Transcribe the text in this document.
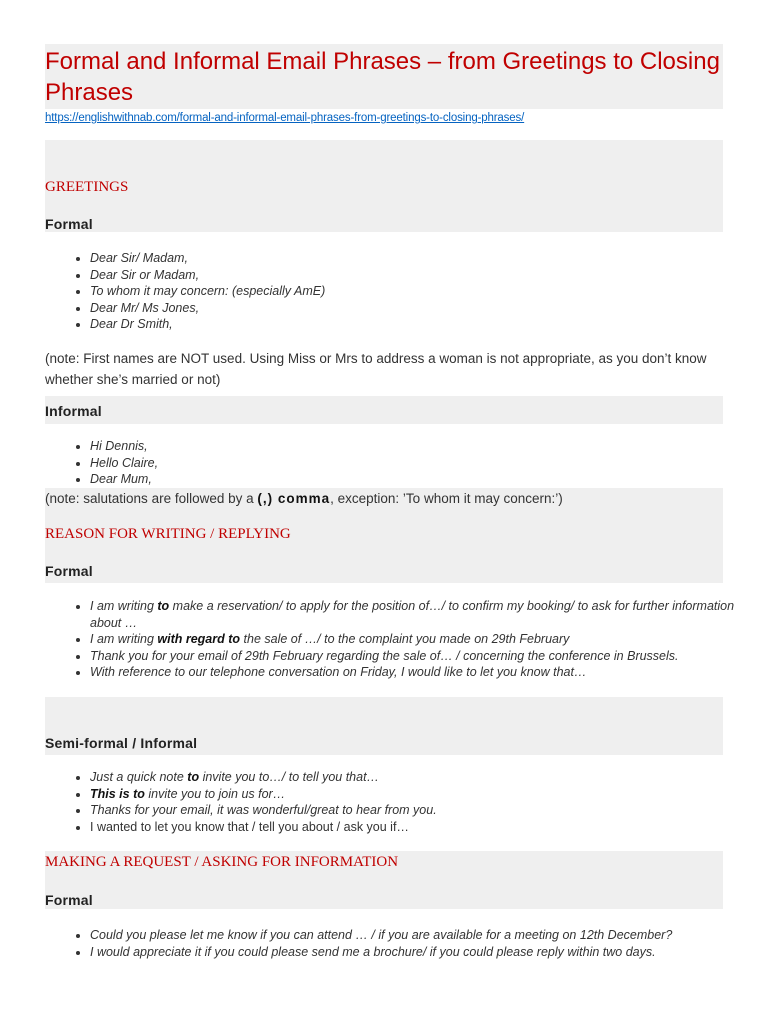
Formal and Informal Email Phrases – from Greetings to Closing Phrases
https://englishwithnab.com/formal-and-informal-email-phrases-from-greetings-to-closing-phrases/
GREETINGS
Formal
• Dear Sir/ Madam,
• Dear Sir or Madam,
• To whom it may concern: (especially AmE)
• Dear Mr/ Ms Jones,
• Dear Dr Smith,

(note: First names are NOT used. Using Miss or Mrs to address a woman is not appropriate, as you don’t know whether she’s married or not)

Informal
• Hi Dennis,
• Hello Claire,
• Dear Mum,

(note: salutations are followed by a (,) comma, exception: ’To whom it may concern:’)

REASON FOR WRITING / REPLYING
Formal
• I am writing to make a reservation/ to apply for the position of…/ to confirm my booking/ to ask for further information about …
• I am writing with regard to the sale of …/ to the complaint you made on 29th February
• Thank you for your email of 29th February regarding the sale of… / concerning the conference in Brussels.
• With reference to our telephone conversation on Friday, I would like to let you know that…
Semi-formal / Informal
• Just a quick note to invite you to…/ to tell you that…
• This is to invite you to join us for…
• Thanks for your email, it was wonderful/great to hear from you.
• I wanted to let you know that / tell you about / ask you if…
MAKING A REQUEST / ASKING FOR INFORMATION
Formal
• Could you please let me know if you can attend … / if you are available for a meeting on 12th December?
• I would appreciate it if you could please send me a brochure/ if you could please reply within two days.
